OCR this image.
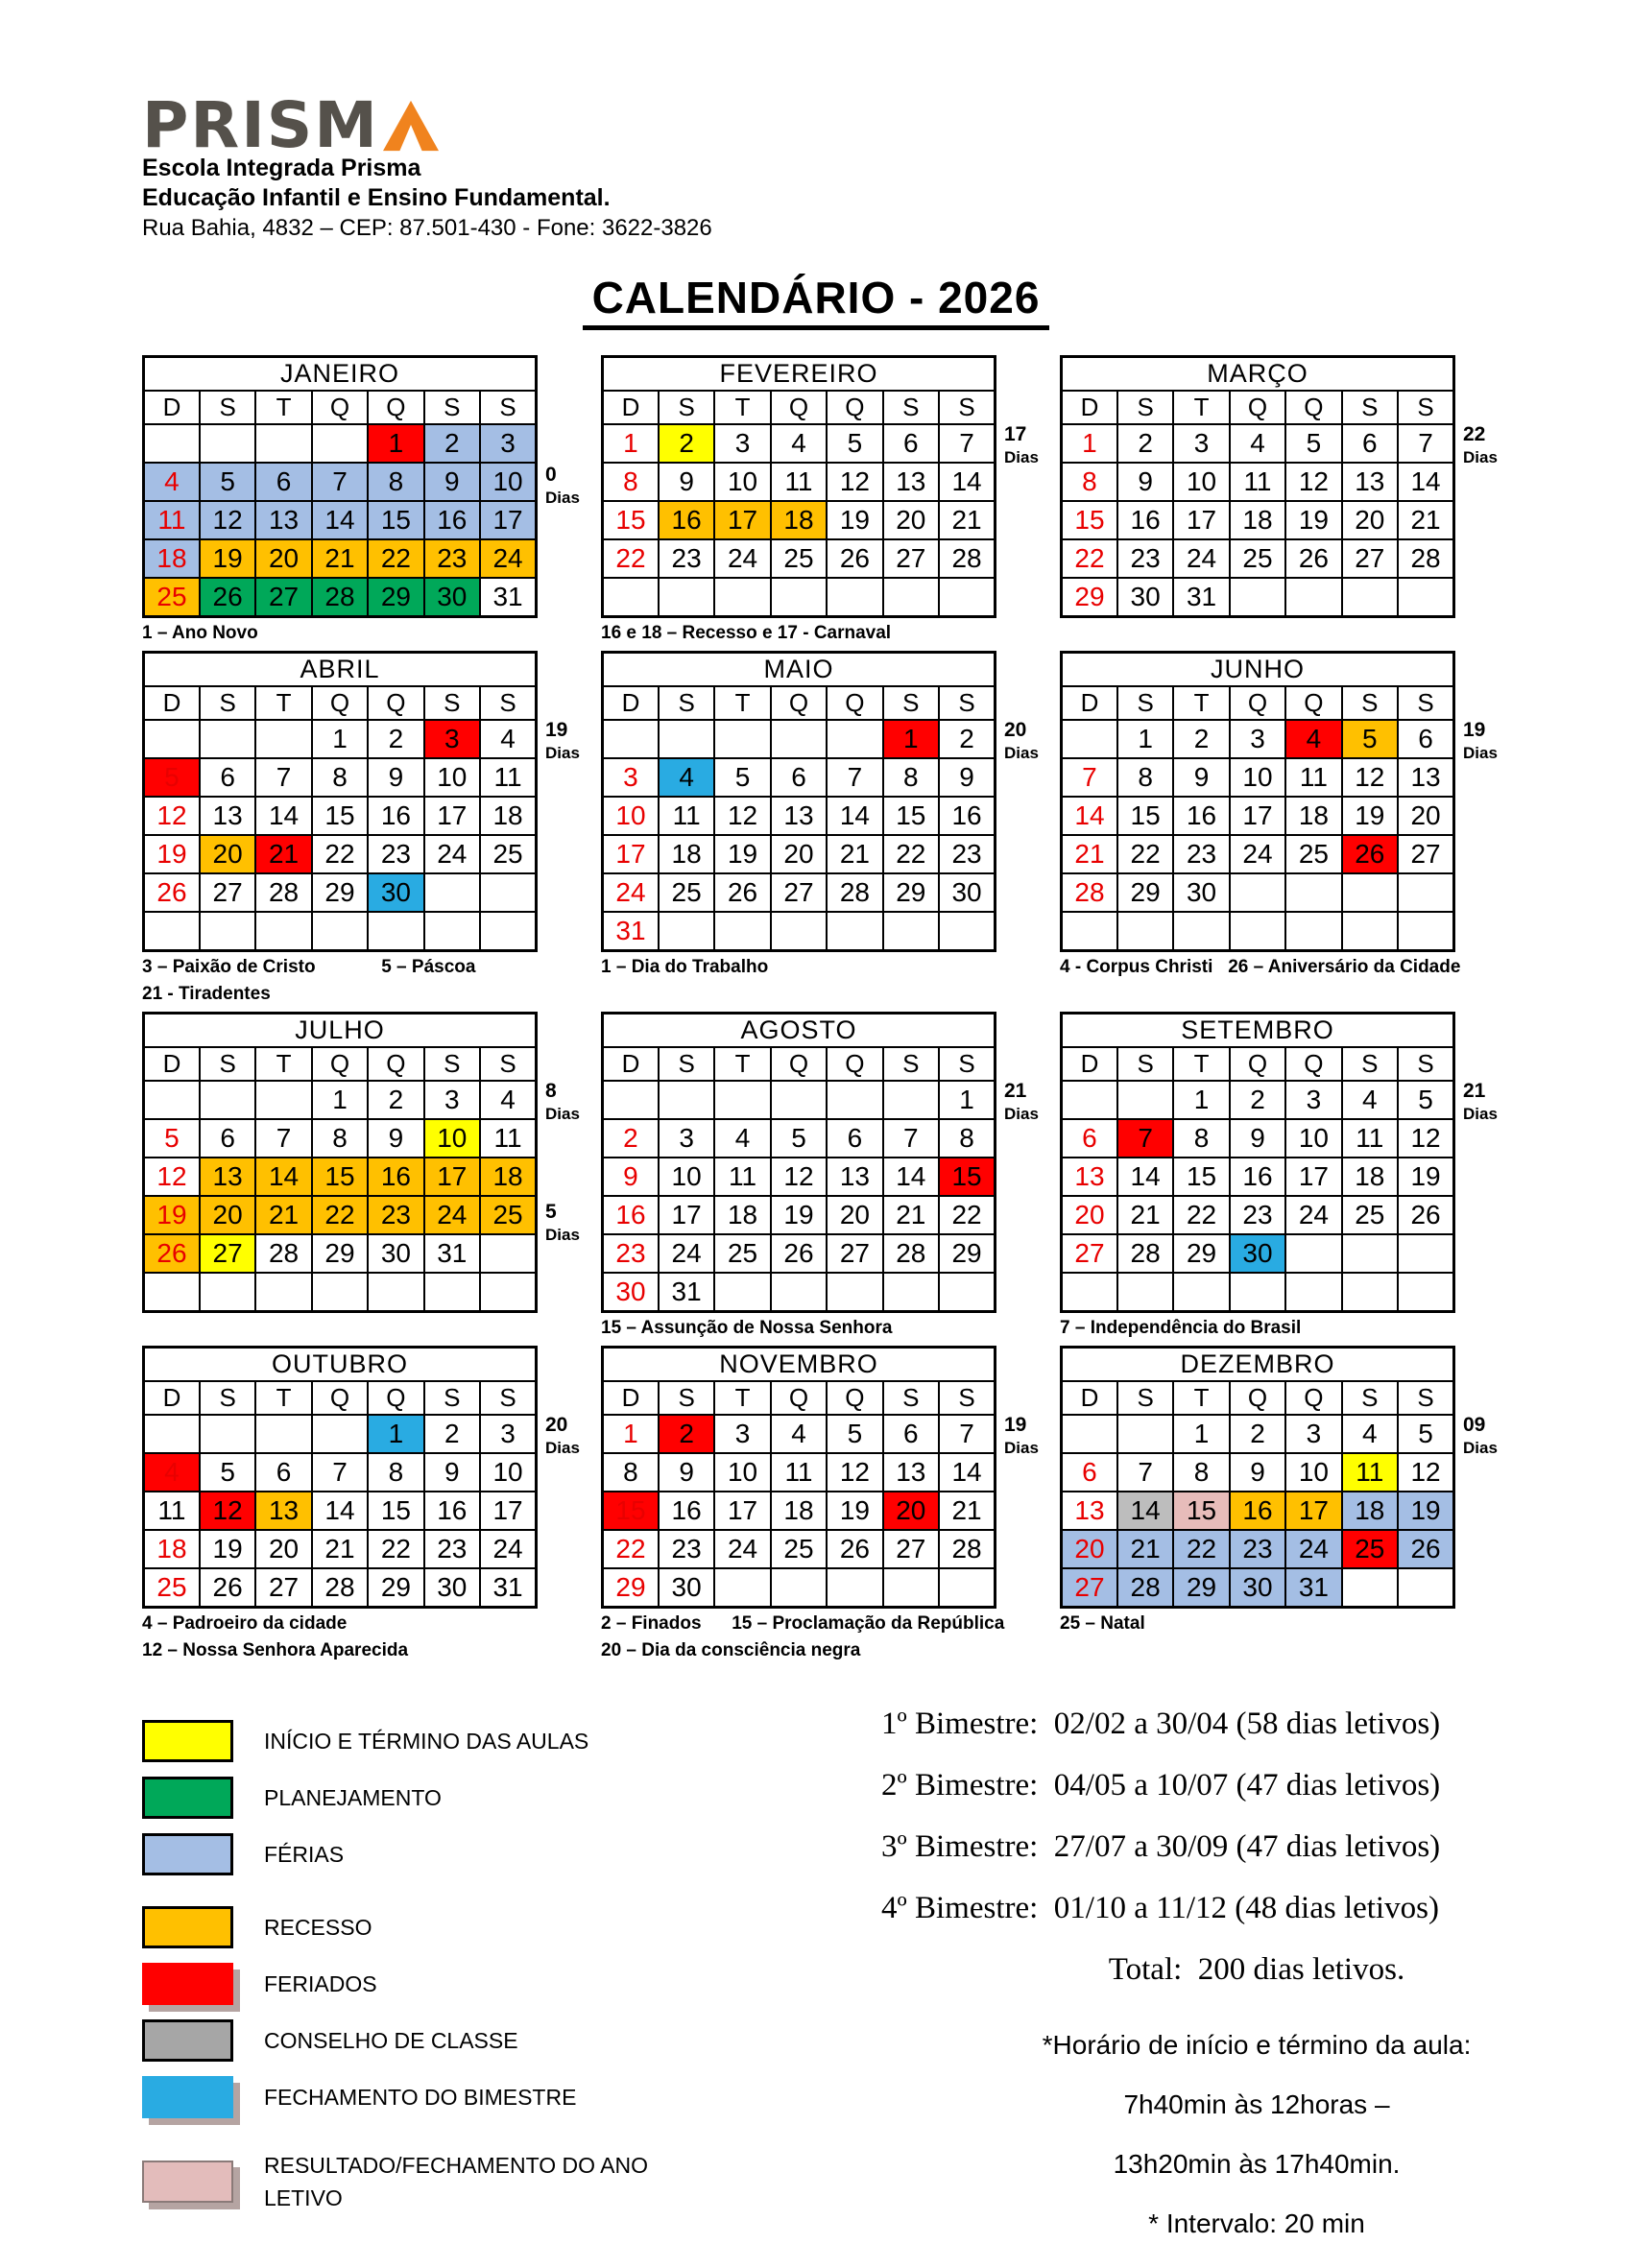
PRISM
Escola Integrada Prisma
Educação Infantil e Ensino Fundamental.
Rua Bahia, 4832 – CEP: 87.501-430 - Fone: 3622-3826
CALENDÁRIO - 2026
JANEIRO						
D	S	T	Q	Q	S	S
				1	2	3
4	5	6	7	8	9	10
11	12	13	14	15	16	17
18	19	20	21	22	23	24
25	26	27	28	29	30	31
0
Dias
1 – Ano Novo
FEVEREIRO						
D	S	T	Q	Q	S	S
1	2	3	4	5	6	7
8	9	10	11	12	13	14
15	16	17	18	19	20	21
22	23	24	25	26	27	28

17
Dias
16 e 18 – Recesso e 17 - Carnaval
MARÇO						
D	S	T	Q	Q	S	S
1	2	3	4	5	6	7
8	9	10	11	12	13	14
15	16	17	18	19	20	21
22	23	24	25	26	27	28
29	30	31				
22
Dias
ABRIL						
D	S	T	Q	Q	S	S
			1	2	3	4
5	6	7	8	9	10	11
12	13	14	15	16	17	18
19	20	21	22	23	24	25
26	27	28	29	30		

19
Dias
3 – Paixão de Cristo             5 – Páscoa
21 - Tiradentes
MAIO						
D	S	T	Q	Q	S	S
					1	2
3	4	5	6	7	8	9
10	11	12	13	14	15	16
17	18	19	20	21	22	23
24	25	26	27	28	29	30
31						
20
Dias
1 – Dia do Trabalho
JUNHO						
D	S	T	Q	Q	S	S
	1	2	3	4	5	6
7	8	9	10	11	12	13
14	15	16	17	18	19	20
21	22	23	24	25	26	27
28	29	30				

19
Dias
4 - Corpus Christi   26 – Aniversário da Cidade
JULHO						
D	S	T	Q	Q	S	S
			1	2	3	4
5	6	7	8	9	10	11
12	13	14	15	16	17	18
19	20	21	22	23	24	25
26	27	28	29	30	31	

8
Dias
5
Dias
AGOSTO						
D	S	T	Q	Q	S	S
						1
2	3	4	5	6	7	8
9	10	11	12	13	14	15
16	17	18	19	20	21	22
23	24	25	26	27	28	29
30	31					
21
Dias
15 – Assunção de Nossa Senhora
SETEMBRO						
D	S	T	Q	Q	S	S
		1	2	3	4	5
6	7	8	9	10	11	12
13	14	15	16	17	18	19
20	21	22	23	24	25	26
27	28	29	30			

21
Dias
7 – Independência do Brasil
OUTUBRO						
D	S	T	Q	Q	S	S
				1	2	3
4	5	6	7	8	9	10
11	12	13	14	15	16	17
18	19	20	21	22	23	24
25	26	27	28	29	30	31
20
Dias
4 – Padroeiro da cidade
12 – Nossa Senhora Aparecida
NOVEMBRO						
D	S	T	Q	Q	S	S
1	2	3	4	5	6	7
8	9	10	11	12	13	14
15	16	17	18	19	20	21
22	23	24	25	26	27	28
29	30					
19
Dias
2 – Finados      15 – Proclamação da República
20 – Dia da consciência negra
DEZEMBRO						
D	S	T	Q	Q	S	S
		1	2	3	4	5
6	7	8	9	10	11	12
13	14	15	16	17	18	19
20	21	22	23	24	25	26
27	28	29	30	31		
09
Dias
25 – Natal
INÍCIO E TÉRMINO DAS AULAS
PLANEJAMENTO
FÉRIAS
RECESSO
FERIADOS
CONSELHO DE CLASSE
FECHAMENTO DO BIMESTRE
RESULTADO/FECHAMENTO DO ANO LETIVO

1º Bimestre:  02/02 a 30/04 (58 dias letivos)

2º Bimestre:  04/05 a 10/07 (47 dias letivos)

3º Bimestre:  27/07 a 30/09 (47 dias letivos)

4º Bimestre:  01/10 a 11/12 (48 dias letivos)

Total:  200 dias letivos.

*Horário de início e término da aula:

7h40min às 12horas –

13h20min às 17h40min.

* Intervalo: 20 min
